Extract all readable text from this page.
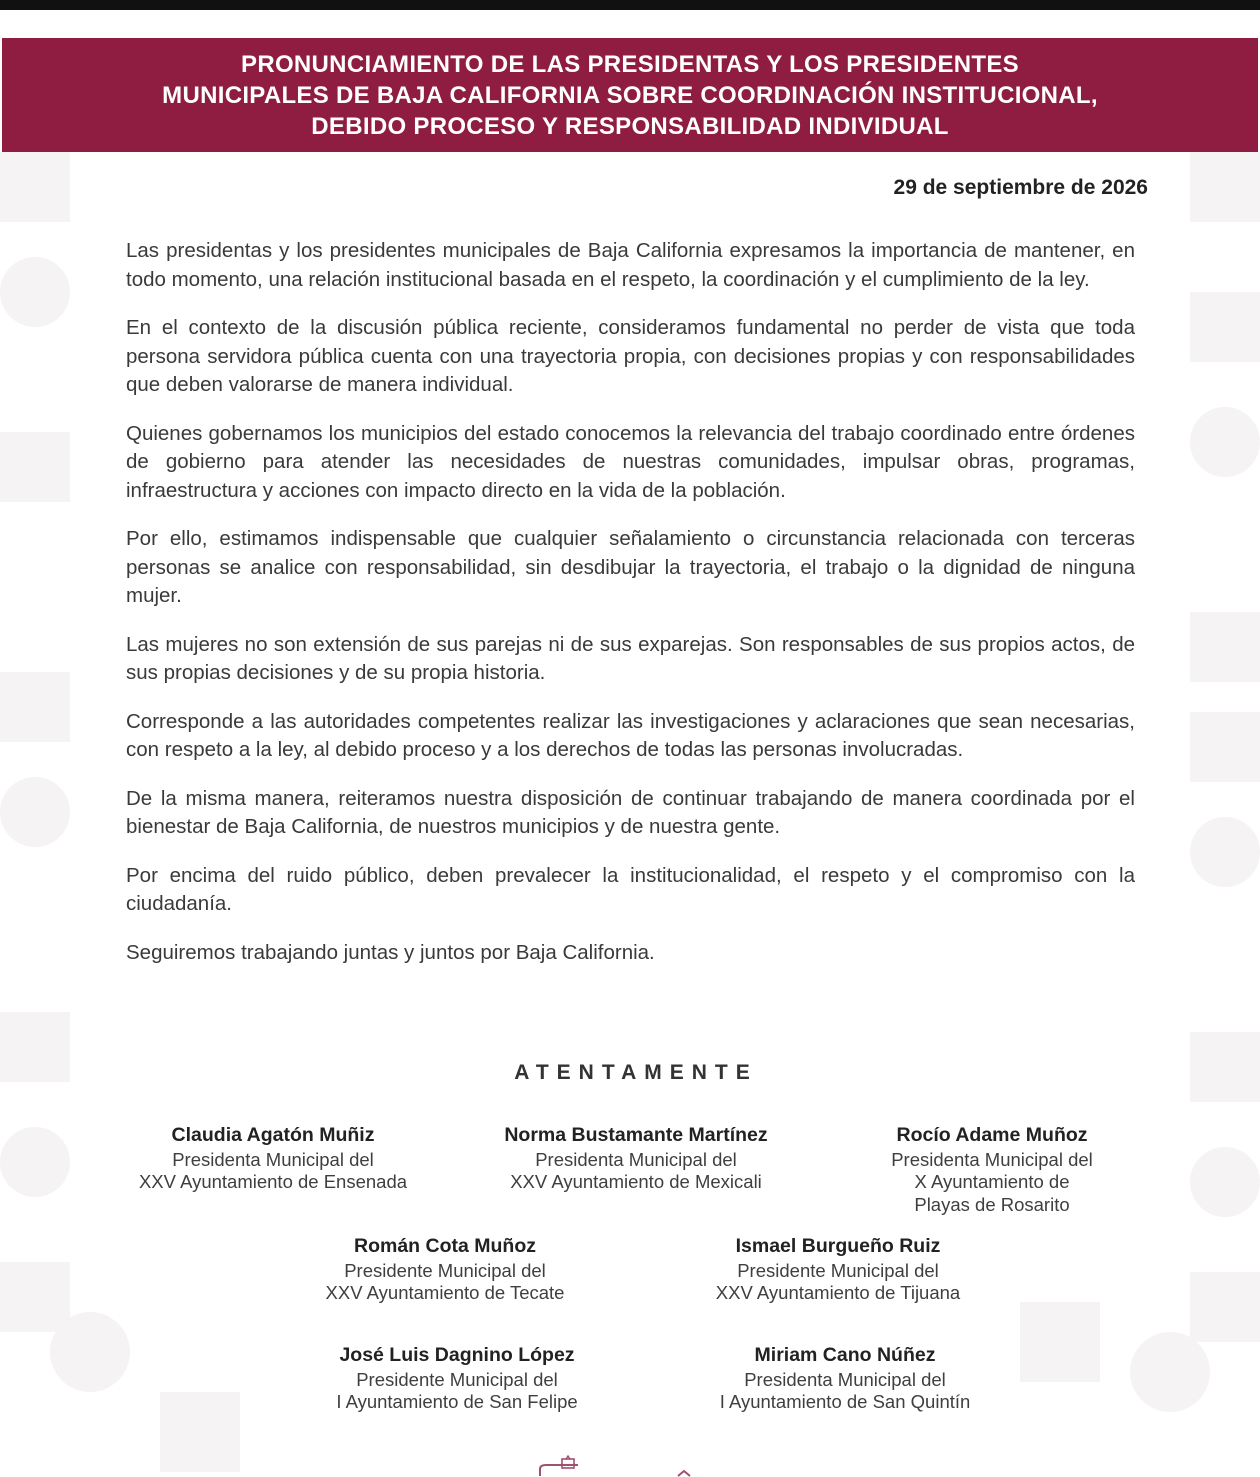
PRONUNCIAMIENTO DE LAS PRESIDENTAS Y LOS PRESIDENTES
MUNICIPALES DE BAJA CALIFORNIA SOBRE COORDINACIÓN INSTITUCIONAL,
DEBIDO PROCESO Y RESPONSABILIDAD INDIVIDUAL
29 de septiembre de 2026

Las presidentas y los presidentes municipales de Baja California expresamos la importancia de mantener, en todo momento, una relación institucional basada en el respeto, la coordinación y el cumplimiento de la ley.

En el contexto de la discusión pública reciente, consideramos fundamental no perder de vista que toda persona servidora pública cuenta con una trayectoria propia, con decisiones propias y con responsabilidades que deben valorarse de manera individual.

Quienes gobernamos los municipios del estado conocemos la relevancia del trabajo coordinado entre órdenes de gobierno para atender las necesidades de nuestras comunidades, impulsar obras, programas, infraestructura y acciones con impacto directo en la vida de la población.

Por ello, estimamos indispensable que cualquier señalamiento o circunstancia relacionada con terceras personas se analice con responsabilidad, sin desdibujar la trayectoria, el trabajo o la dignidad de ninguna mujer.

Las mujeres no son extensión de sus parejas ni de sus exparejas. Son responsables de sus propios actos, de sus propias decisiones y de su propia historia.

Corresponde a las autoridades competentes realizar las investigaciones y aclaraciones que sean necesarias, con respeto a la ley, al debido proceso y a los derechos de todas las personas involucradas.

De la misma manera, reiteramos nuestra disposición de continuar trabajando de manera coordinada por el bienestar de Baja California, de nuestros municipios y de nuestra gente.

Por encima del ruido público, deben prevalecer la institucionalidad, el respeto y el compromiso con la ciudadanía.

Seguiremos trabajando juntas y juntos por Baja California.

ATENTAMENTE
Claudia Agatón Muñiz
Presidenta Municipal del
XXV Ayuntamiento de Ensenada
Norma Bustamante Martínez
Presidenta Municipal del
XXV Ayuntamiento de Mexicali
Rocío Adame Muñoz
Presidenta Municipal del
X Ayuntamiento de
Playas de Rosarito
Román Cota Muñoz
Presidente Municipal del
XXV Ayuntamiento de Tecate
Ismael Burgueño Ruiz
Presidente Municipal del
XXV Ayuntamiento de Tijuana
José Luis Dagnino López
Presidente Municipal del
I Ayuntamiento de San Felipe
Miriam Cano Núñez
Presidenta Municipal del
I Ayuntamiento de San Quintín
